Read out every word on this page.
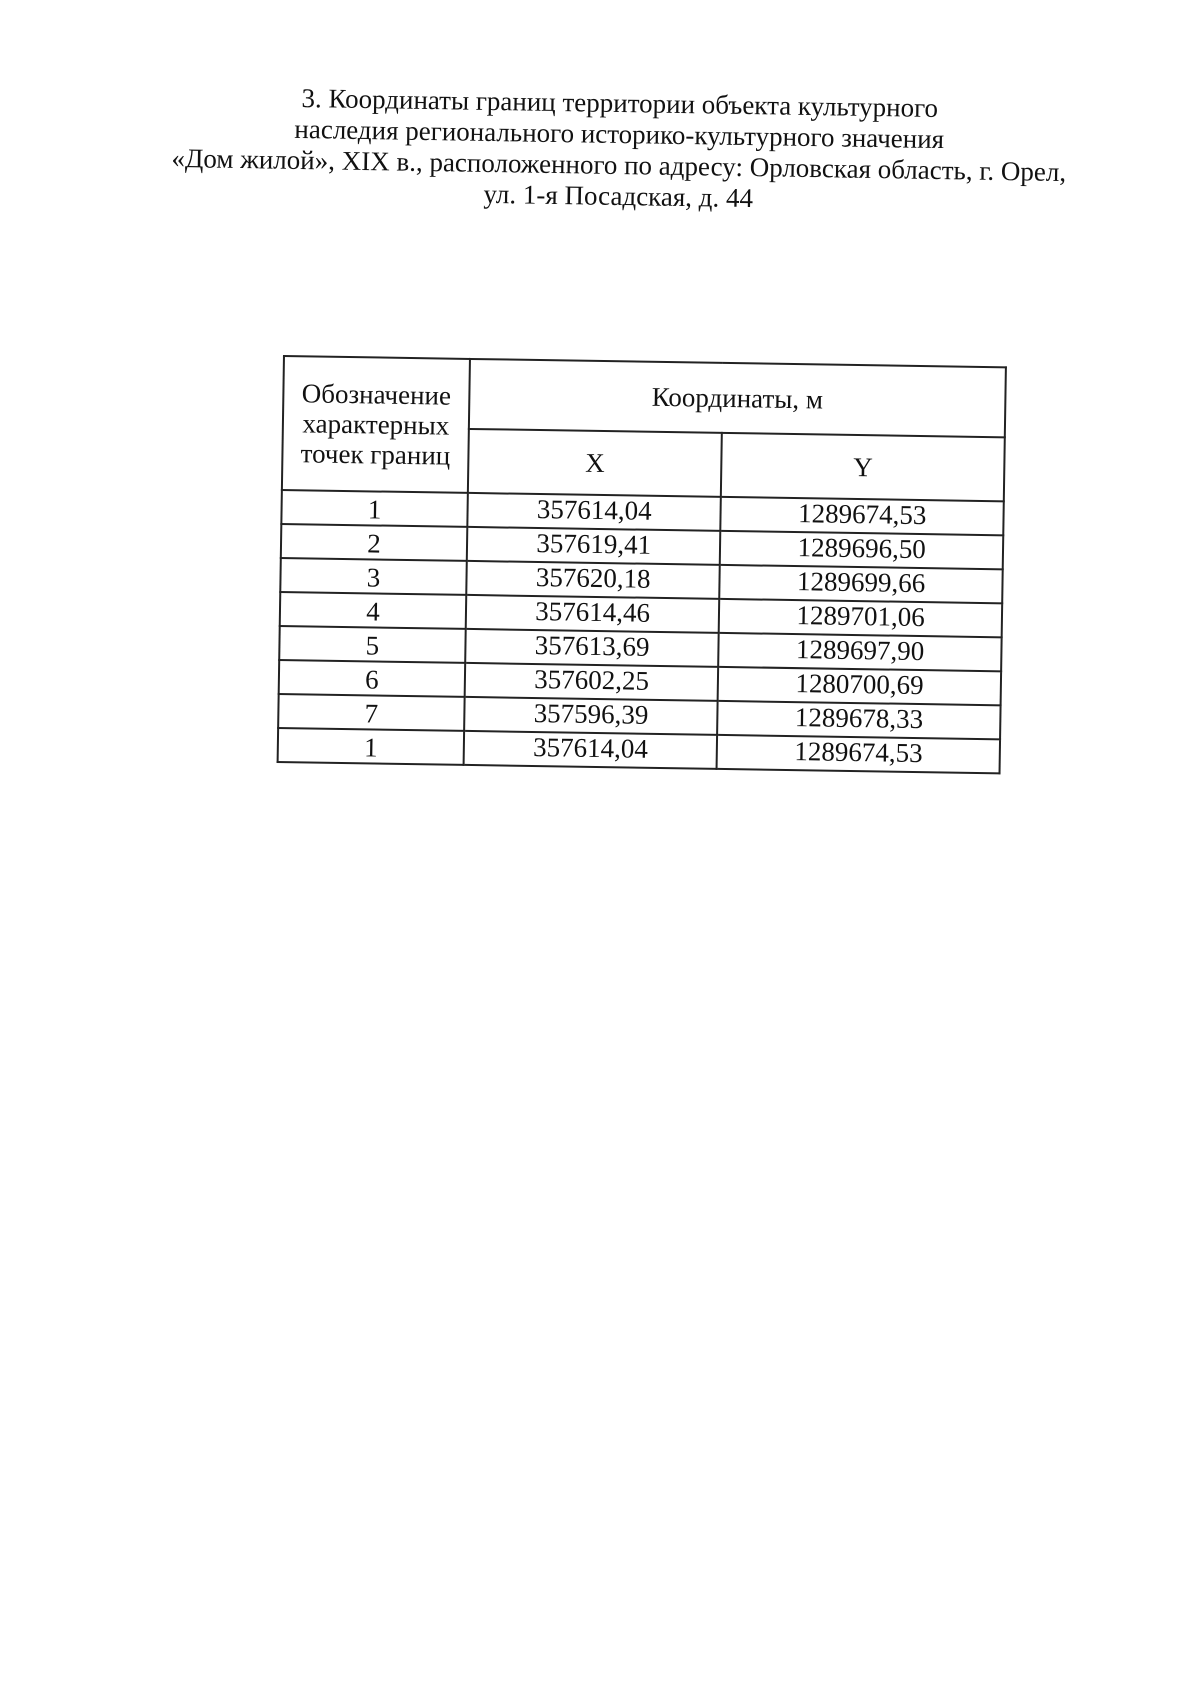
3. Координаты границ территории объекта культурного
наследия регионального историко-культурного значения
«Дом жилой», XIX в., расположенного по адресу: Орловская область, г. Орел,
ул. 1-я Посадская, д. 44
Обозначение характерных точек границ	Координаты, м	
	X	Y
1	357614,04	1289674,53
2	357619,41	1289696,50
3	357620,18	1289699,66
4	357614,46	1289701,06
5	357613,69	1289697,90
6	357602,25	1280700,69
7	357596,39	1289678,33
1	357614,04	1289674,53
